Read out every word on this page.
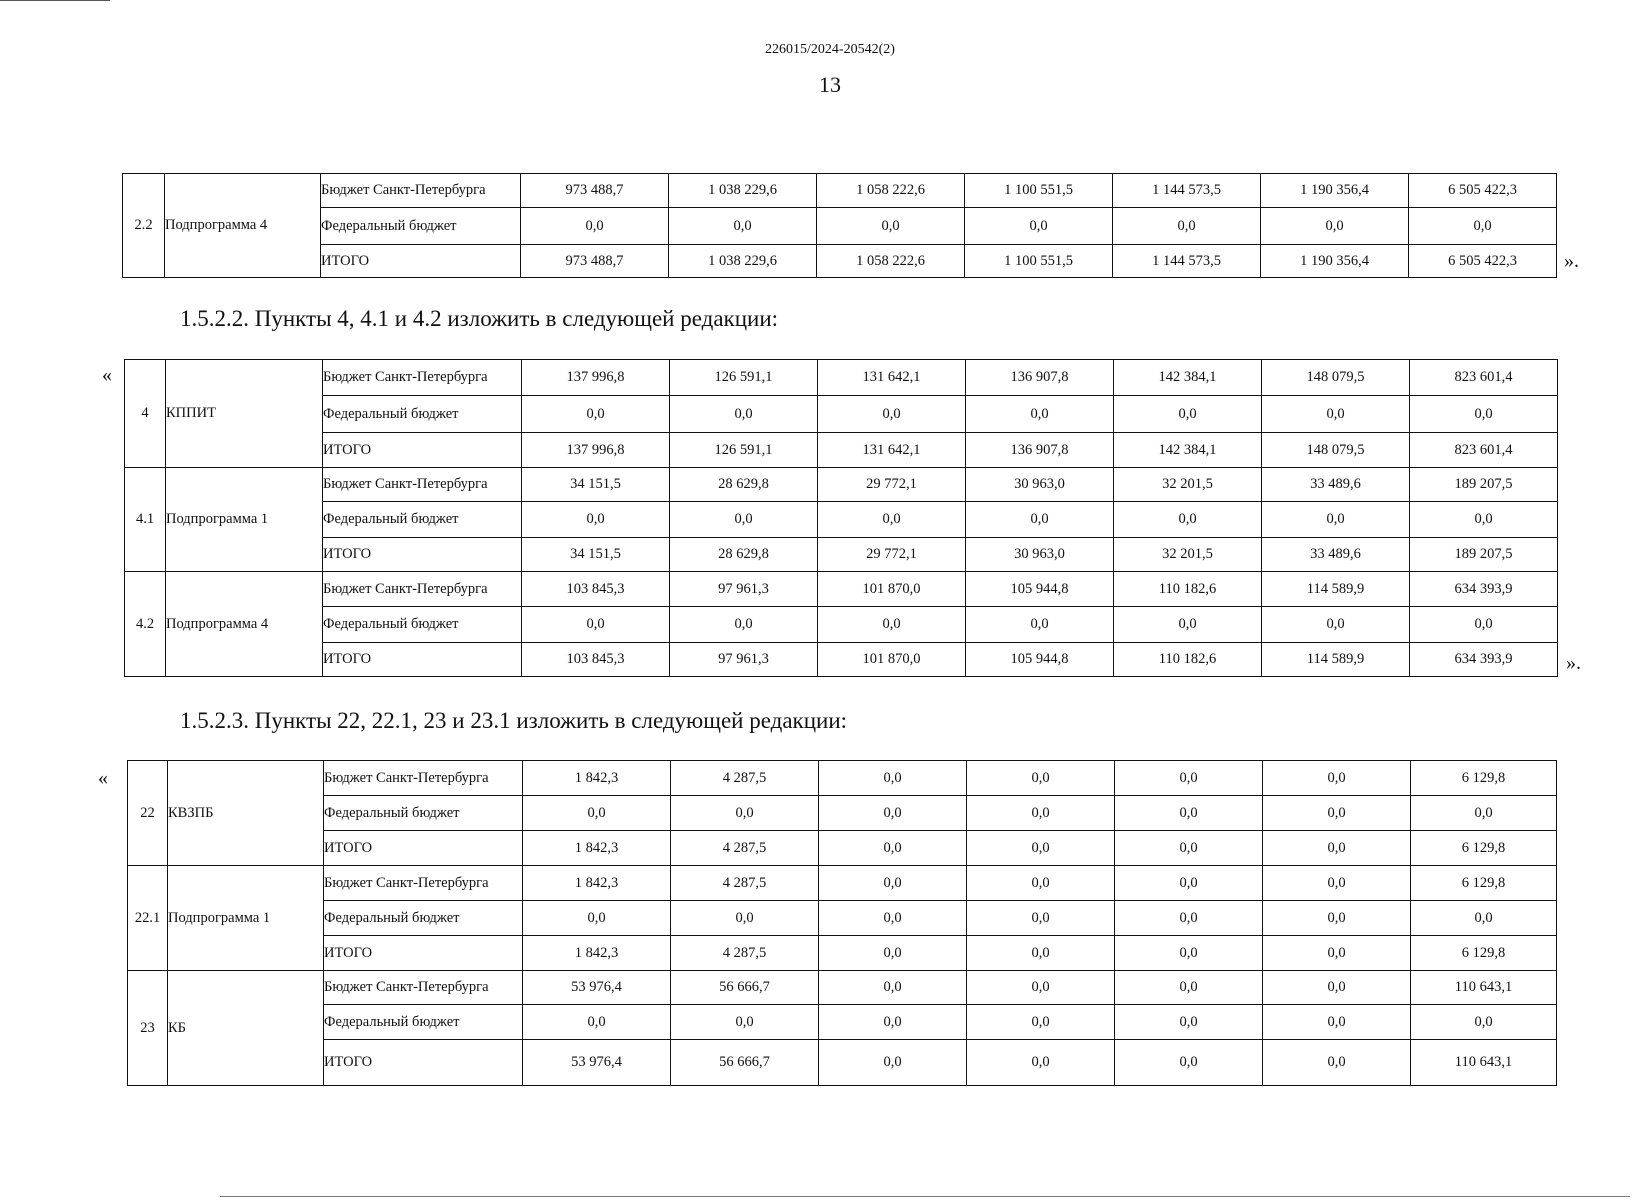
226015/2024-20542(2)
13
2.2	Подпрограмма 4	Бюджет Санкт-Петербурга	973 488,7	1 038 229,6	1 058 222,6	1 100 551,5	1 144 573,5	1 190 356,4	6 505 422,3
		Федеральный бюджет	0,0	0,0	0,0	0,0	0,0	0,0	0,0
		ИТОГО	973 488,7	1 038 229,6	1 058 222,6	1 100 551,5	1 144 573,5	1 190 356,4	6 505 422,3 ».
1.5.2.2. Пункты 4, 4.1 и 4.2 изложить в следующей редакции:
«
4	КППИТ	Бюджет Санкт-Петербурга	137 996,8	126 591,1	131 642,1	136 907,8	142 384,1	148 079,5	823 601,4
		Федеральный бюджет	0,0	0,0	0,0	0,0	0,0	0,0	0,0
		ИТОГО	137 996,8	126 591,1	131 642,1	136 907,8	142 384,1	148 079,5	823 601,4
4.1	Подпрограмма 1	Бюджет Санкт-Петербурга	34 151,5	28 629,8	29 772,1	30 963,0	32 201,5	33 489,6	189 207,5
		Федеральный бюджет	0,0	0,0	0,0	0,0	0,0	0,0	0,0
		ИТОГО	34 151,5	28 629,8	29 772,1	30 963,0	32 201,5	33 489,6	189 207,5
4.2	Подпрограмма 4	Бюджет Санкт-Петербурга	103 845,3	97 961,3	101 870,0	105 944,8	110 182,6	114 589,9	634 393,9
		Федеральный бюджет	0,0	0,0	0,0	0,0	0,0	0,0	0,0
		ИТОГО	103 845,3	97 961,3	101 870,0	105 944,8	110 182,6	114 589,9	634 393,9	».
1.5.2.3. Пункты 22, 22.1, 23 и 23.1 изложить в следующей редакции:
«
22	КВЗПБ	Бюджет Санкт-Петербурга	1 842,3	4 287,5	0,0	0,0	0,0	0,0	6 129,8
		Федеральный бюджет	0,0	0,0	0,0	0,0	0,0	0,0	0,0
		ИТОГО	1 842,3	4 287,5	0,0	0,0	0,0	0,0	6 129,8
22.1	Подпрограмма 1	Бюджет Санкт-Петербурга	1 842,3	4 287,5	0,0	0,0	0,0	0,0	6 129,8
		Федеральный бюджет	0,0	0,0	0,0	0,0	0,0	0,0	0,0
		ИТОГО	1 842,3	4 287,5	0,0	0,0	0,0	0,0	6 129,8
23	КБ	Бюджет Санкт-Петербурга	53 976,4	56 666,7	0,0	0,0	0,0	0,0	110 643,1
		Федеральный бюджет	0,0	0,0	0,0	0,0	0,0	0,0	0,0
		ИТОГО	53 976,4	56 666,7	0,0	0,0	0,0	0,0	110 643,1
